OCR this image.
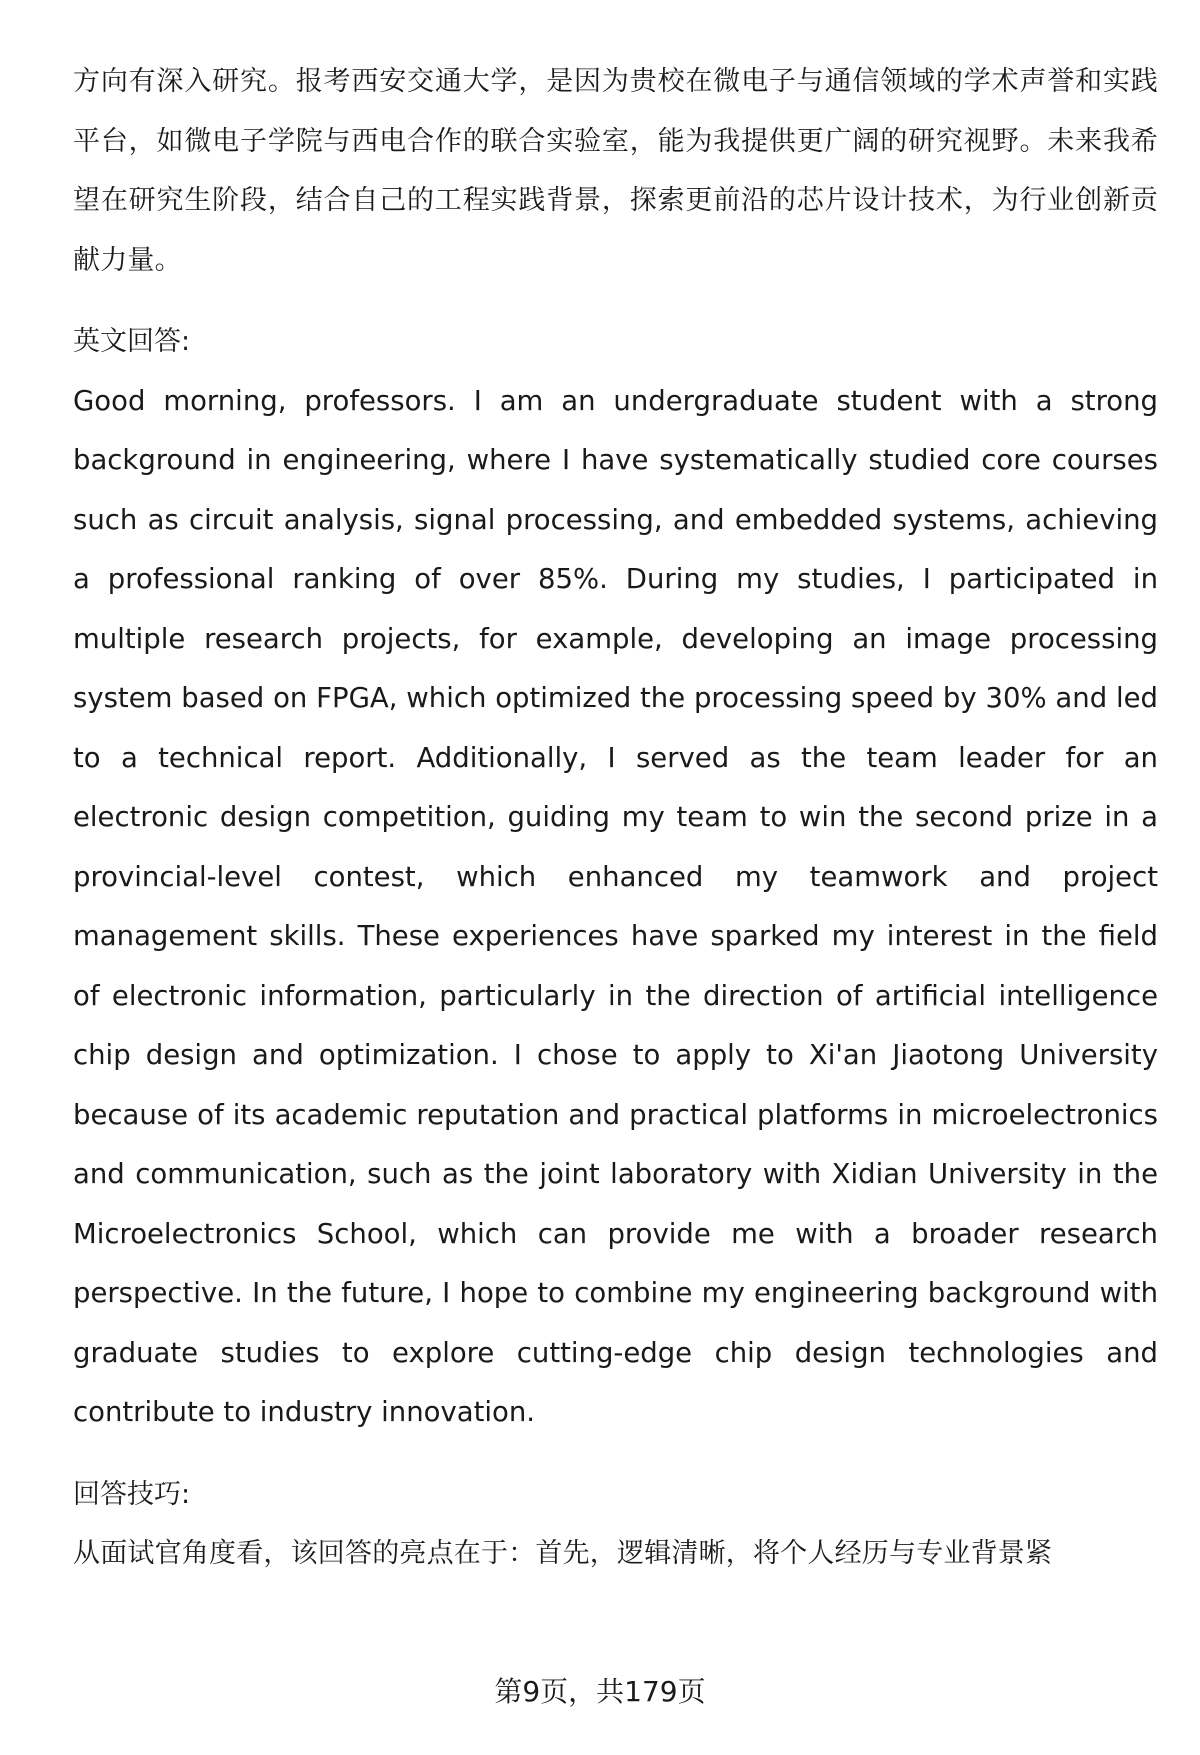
方向有深入研究。报考西安交通大学，是因为贵校在微电子与通信领域的学术声誉和实践平台，如微电子学院与西电合作的联合实验室，能为我提供更广阔的研究视野。未来我希望在研究生阶段，结合自己的工程实践背景，探索更前沿的芯片设计技术，为行业创新贡献力量。

英文回答:

Good morning, professors. I am an undergraduate student with a strong background in engineering, where I have systematically studied core courses such as circuit analysis, signal processing, and embedded systems, achieving a professional ranking of over 85%. During my studies, I participated in multiple research projects, for example, developing an image processing system based on FPGA, which optimized the processing speed by 30% and led to a technical report. Additionally, I served as the team leader for an electronic design competition, guiding my team to win the second prize in a provincial-level contest, which enhanced my teamwork and project management skills. These experiences have sparked my interest in the field of electronic information, particularly in the direction of artificial intelligence chip design and optimization. I chose to apply to Xi'an Jiaotong University because of its academic reputation and practical platforms in microelectronics and communication, such as the joint laboratory with Xidian University in the Microelectronics School, which can provide me with a broader research perspective. In the future, I hope to combine my engineering background with graduate studies to explore cutting-edge chip design technologies and contribute to industry innovation.

回答技巧:

从面试官角度看，该回答的亮点在于：首先，逻辑清晰，将个人经历与专业背景紧

第9页，共179页
